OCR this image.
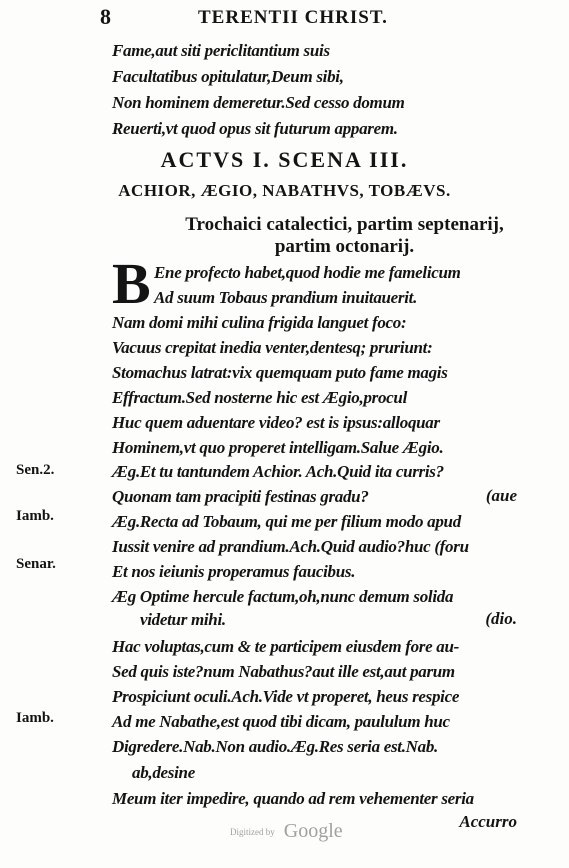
8	TERENTII CHRIST.
Fame,aut siti periclitantium suis
Facultatibus opitulatur,Deum sibi,
Non hominem demeretur.Sed cesso domum
Reuerti,vt quod opus sit futurum apparem.
ACTVS I. SCENA III.
ACHIOR, ÆGIO, NABATHVS, TOBÆVS.
Trochaici catalectici, partim septenarij,
partim octonarij.
B Ene profecto habet,quod hodie me famelicum
Ad suum Tobaus prandium inuitauerit.
Nam domi mihi culina frigida languet foco:
Vacuus crepitat inedia venter,dentesq; pruriunt:
Stomachus latrat:vix quemquam puto fame magis
Effractum.Sed nosterne hic est Ægio,procul
Huc quem aduentare video? est is ipsus:alloquar
Hominem,vt quo properet intelligam.Salue Ægio.
Æg.Et tu tantundem Achior. Ach.Quid ita curris?
Quonam tam pracipiti festinas gradu?	(aue
Æg.Recta ad Tobaum, qui me per filium modo apud
Iussit venire ad prandium.Ach.Quid audio?huc (foru
Et nos ieiunis properamus faucibus.
Æg Optime hercule factum,oh,nunc demum solida
videtur mihi.	(dio.
Hac voluptas,cum & te participem eiusdem fore au-
Sed quis iste?num Nabathus?aut ille est,aut parum
Prospiciunt oculi.Ach.Vide vt properet, heus respice
Ad me Nabathe,est quod tibi dicam, paululum huc
Digredere.Nab.Non audio.Æg.Res seria est.Nab.
ab,desine
Meum iter impedire, quando ad rem vehementer seria
Accurro
Sen.2.
Iamb.
Senar.
Iamb.
Digitized by Google
